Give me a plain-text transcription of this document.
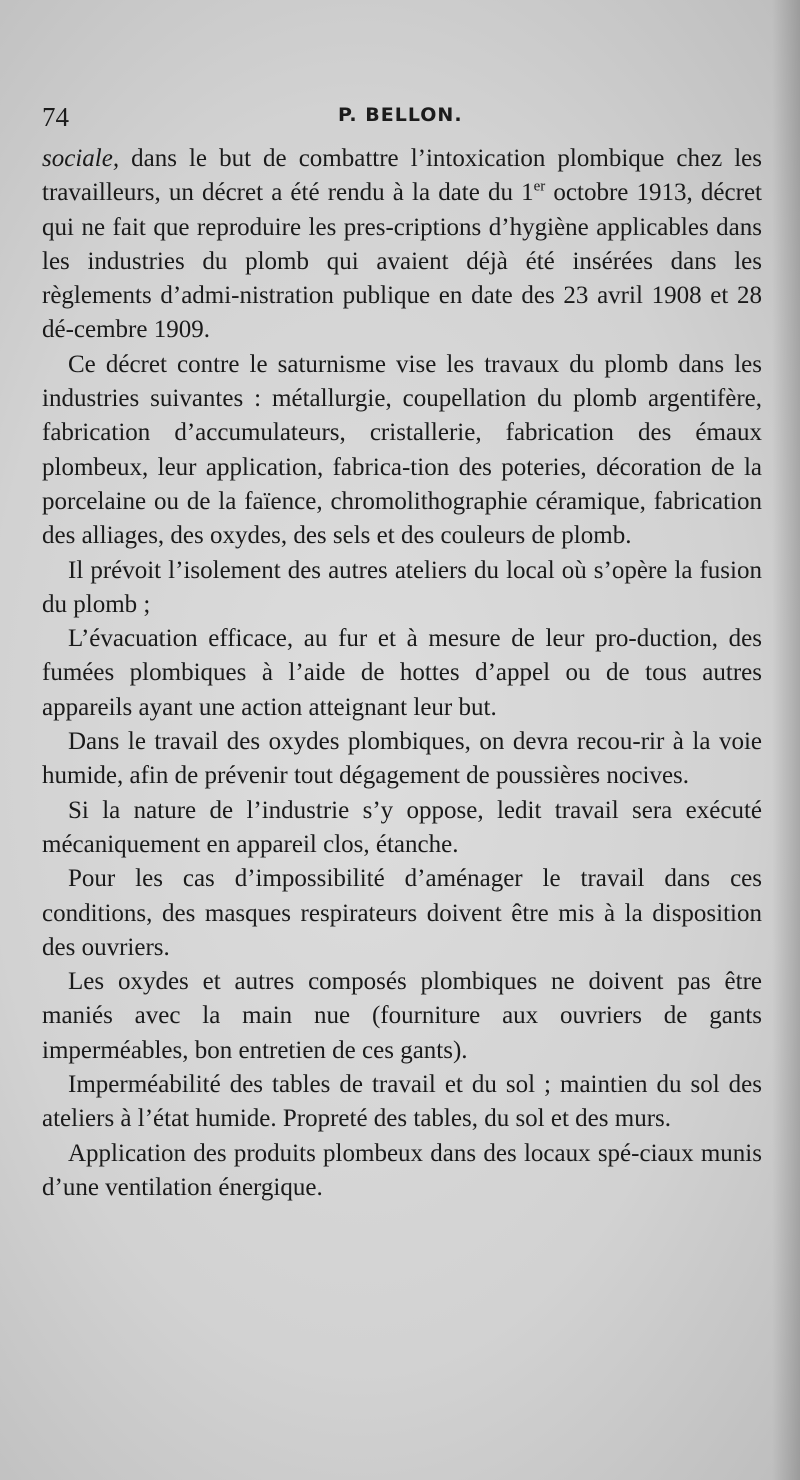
74	P. BELLON.

sociale, dans le but de combattre l’intoxication plombique chez les travailleurs, un décret a été rendu à la date du 1er octobre 1913, décret qui ne fait que reproduire les pres-criptions d’hygiène applicables dans les industries du plomb qui avaient déjà été insérées dans les règlements d’admi-nistration publique en date des 23 avril 1908 et 28 dé-cembre 1909.

Ce décret contre le saturnisme vise les travaux du plomb dans les industries suivantes : métallurgie, coupellation du plomb argentifère, fabrication d’accumulateurs, cristallerie, fabrication des émaux plombeux, leur application, fabrica-tion des poteries, décoration de la porcelaine ou de la faïence, chromolithographie céramique, fabrication des alliages, des oxydes, des sels et des couleurs de plomb.

Il prévoit l’isolement des autres ateliers du local où s’opère la fusion du plomb ;

L’évacuation efficace, au fur et à mesure de leur pro-duction, des fumées plombiques à l’aide de hottes d’appel ou de tous autres appareils ayant une action atteignant leur but.

Dans le travail des oxydes plombiques, on devra recou-rir à la voie humide, afin de prévenir tout dégagement de poussières nocives.

Si la nature de l’industrie s’y oppose, ledit travail sera exécuté mécaniquement en appareil clos, étanche.

Pour les cas d’impossibilité d’aménager le travail dans ces conditions, des masques respirateurs doivent être mis à la disposition des ouvriers.

Les oxydes et autres composés plombiques ne doivent pas être maniés avec la main nue (fourniture aux ouvriers de gants imperméables, bon entretien de ces gants).

Imperméabilité des tables de travail et du sol ; maintien du sol des ateliers à l’état humide. Propreté des tables, du sol et des murs.

Application des produits plombeux dans des locaux spé-ciaux munis d’une ventilation énergique.
